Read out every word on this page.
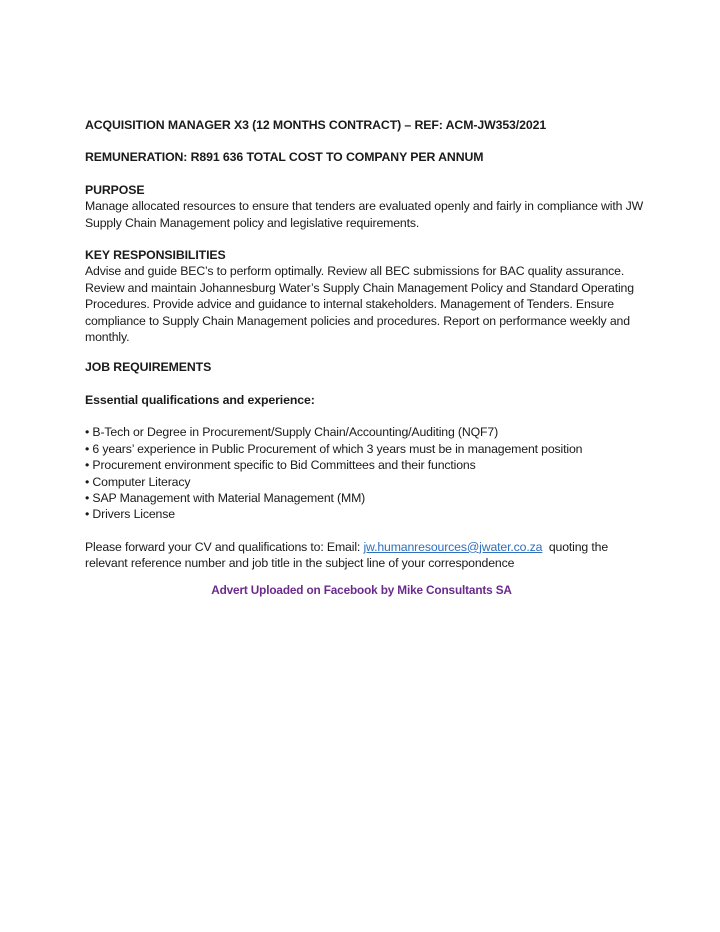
ACQUISITION MANAGER X3 (12 MONTHS CONTRACT) – REF: ACM-JW353/2021

REMUNERATION: R891 636 TOTAL COST TO COMPANY PER ANNUM

PURPOSE

Manage allocated resources to ensure that tenders are evaluated openly and fairly in compliance with JW

Supply Chain Management policy and legislative requirements.

KEY RESPONSIBILITIES

Advise and guide BEC’s to perform optimally. Review all BEC submissions for BAC quality assurance.

Review and maintain Johannesburg Water’s Supply Chain Management Policy and Standard Operating

Procedures. Provide advice and guidance to internal stakeholders. Management of Tenders. Ensure

compliance to Supply Chain Management policies and procedures. Report on performance weekly and

monthly.

JOB REQUIREMENTS

Essential qualifications and experience:

• B-Tech or Degree in Procurement/Supply Chain/Accounting/Auditing (NQF7)
• 6 years’ experience in Public Procurement of which 3 years must be in management position
• Procurement environment specific to Bid Committees and their functions
• Computer Literacy
• SAP Management with Material Management (MM)
• Drivers License

Please forward your CV and qualifications to: Email: jw.humanresources@jwater.co.za  quoting the

relevant reference number and job title in the subject line of your correspondence

Advert Uploaded on Facebook by Mike Consultants SA
